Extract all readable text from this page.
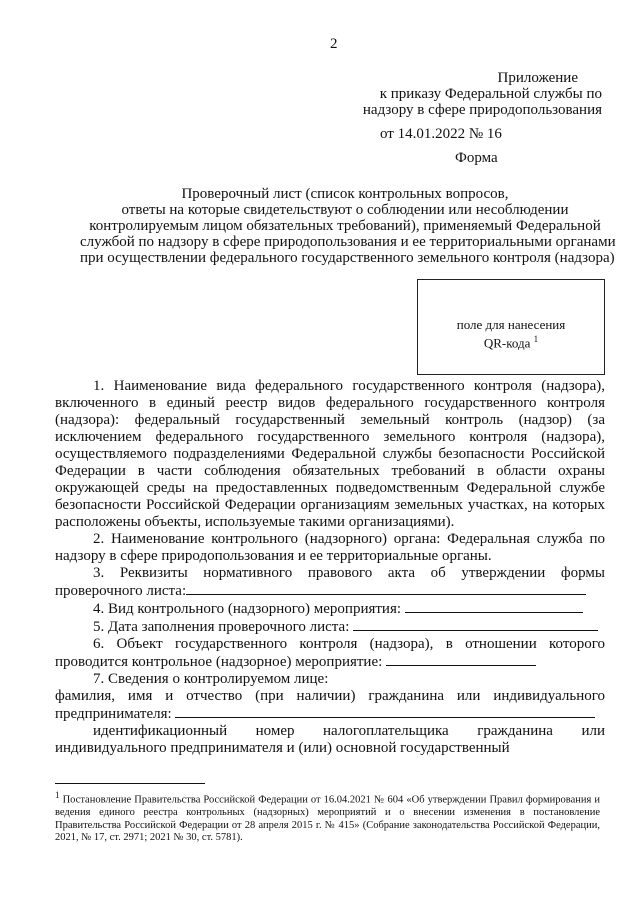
2
Приложение
к приказу Федеральной службы по
надзору в сфере природопользования
от 14.01.2022 № 16
Форма
Проверочный лист (список контрольных вопросов,
ответы на которые свидетельствуют о соблюдении или несоблюдении
контролируемым лицом обязательных требований), применяемый Федеральной
службой по надзору в сфере природопользования и ее территориальными органами
при осуществлении федерального государственного земельного контроля (надзора)
поле для нанесения
QR-кода $^1$

1. Наименование вида федерального государственного контроля (надзора), включенного в единый реестр видов федерального государственного контроля (надзора): федеральный государственный земельный контроль (надзор) (за исключением федерального государственного земельного контроля (надзора), осуществляемого подразделениями Федеральной службы безопасности Российской Федерации в части соблюдения обязательных требований в области охраны окружающей среды на предоставленных подведомственным Федеральной службе безопасности Российской Федерации организациям земельных участках, на которых расположены объекты, используемые такими организациями).

2. Наименование контрольного (надзорного) органа: Федеральная служба по надзору в сфере природопользования и ее территориальные органы.

3. Реквизиты нормативного правового акта об утверждении формы проверочного листа:

4. Вид контрольного (надзорного) мероприятия:

5. Дата заполнения проверочного листа:

6. Объект государственного контроля (надзора), в отношении которого проводится контрольное (надзорное) мероприятие:

7. Сведения о контролируемом лице:

фамилия, имя и отчество (при наличии) гражданина или индивидуального предпринимателя:

идентификационный номер налогоплательщика гражданина или индивидуального предпринимателя и (или) основной государственный

$^1$ Постановление Правительства Российской Федерации от 16.04.2021 № 604 «Об утверждении Правил формирования и ведения единого реестра контрольных (надзорных) мероприятий и о внесении изменения в постановление Правительства Российской Федерации от 28 апреля 2015 г. № 415» (Собрание законодательства Российской Федерации, 2021, № 17, ст. 2971; 2021 № 30, ст. 5781).
